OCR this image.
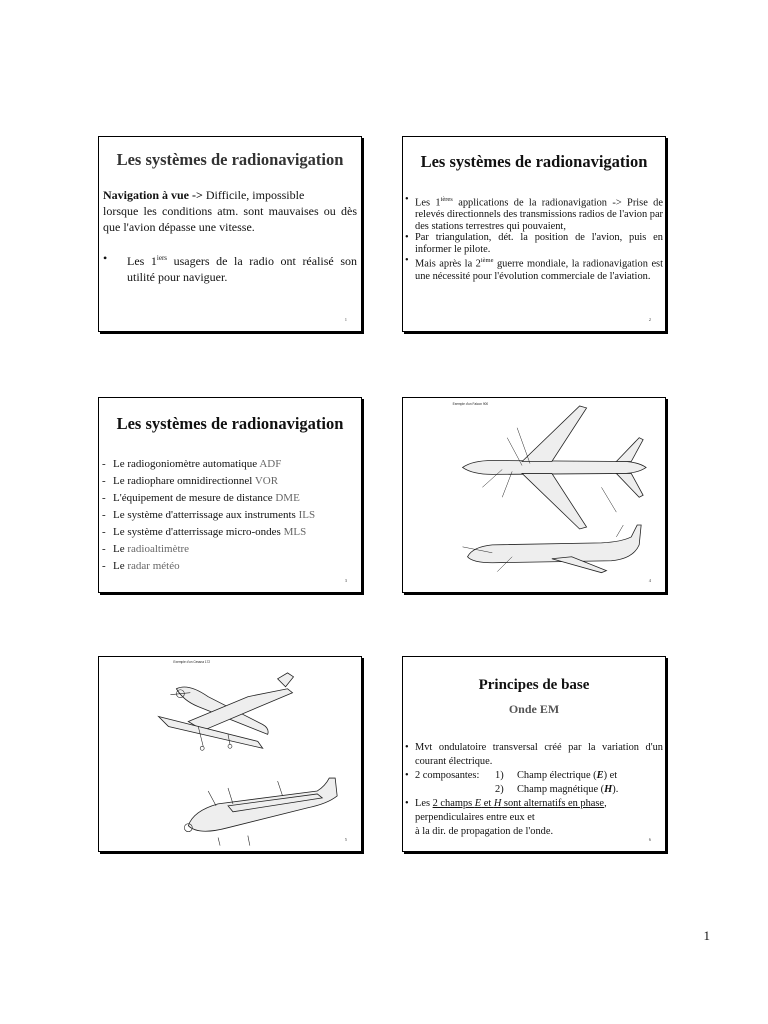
Les systèmes de radionavigation

Navigation à vue -> Difficile, impossible

lorsque les conditions atm. sont mauvaises ou dès que l'avion dépasse une vitesse.

•	Les $1^{iers}$ usagers de la radio ont réalisé son utilité pour naviguer.
1
Les systèmes de radionavigation
• Les $1^{ières}$ applications de la radionavigation -> Prise de relevés directionnels des transmissions radios de l'avion par des stations terrestres qui pouvaient,
• Par triangulation, dét. la position de l'avion, puis en informer le pilote.
• Mais après la 2ième guerre mondiale, la radionavigation est une nécessité pour l'évolution commerciale de l'aviation.
2
Les systèmes de radionavigation
- Le radiogoniomètre automatique ADF
- Le radiophare omnidirectionnel VOR
- L'équipement de mesure de distance DME
- Le système d'atterrissage aux instruments ILS
- Le système d'atterrissage micro-ondes MLS
- Le radioaltimètre
- Le radar météo
3
Exemple d'un Falcon 900
4
Exemple d'un Cessna 172
5
Principes de base
Onde EM
• Mvt ondulatoire transversal créé par la variation d'un courant électrique.
• 2 composantes:	1)	Champ électrique (E) et
2)	Champ magnétique (H).
• Les 2 champs E et H sont alternatifs en phase,
perpendiculaires entre eux et
à la dir. de propagation de l'onde.
6
1
